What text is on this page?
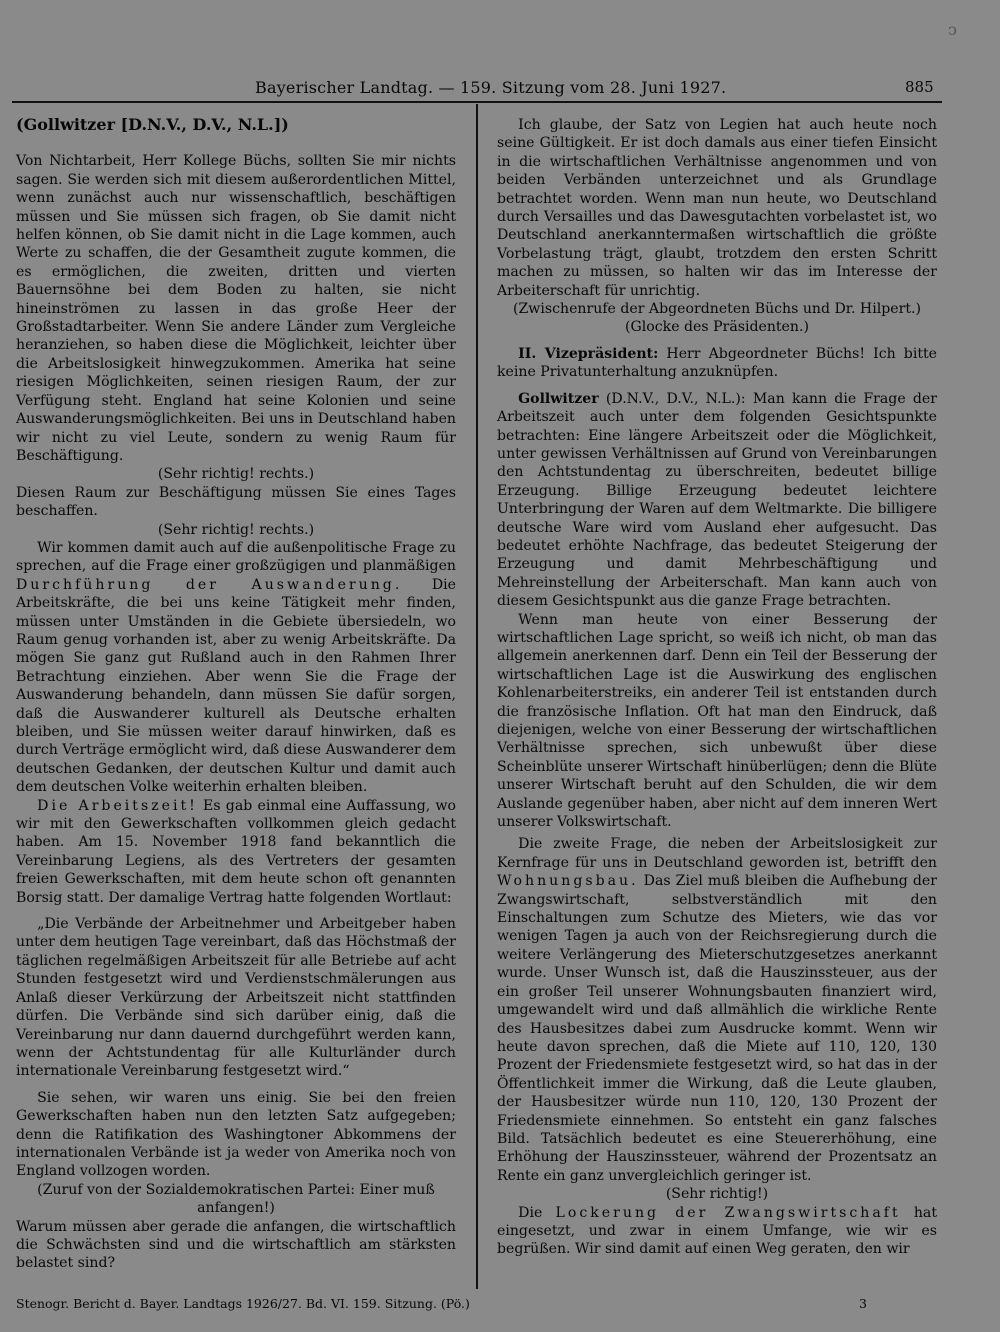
ↄ
Bayerischer Landtag. — 159. Sitzung vom 28. Juni 1927.	885

(Gollwitzer [D.N.V., D.V., N.L.])

Von Nichtarbeit, Herr Kollege Büchs, sollten Sie mir nichts sagen. Sie werden sich mit diesem außerordentlichen Mittel, wenn zunächst auch nur wissenschaftlich, beschäftigen müssen und Sie müssen sich fragen, ob Sie damit nicht helfen können, ob Sie damit nicht in die Lage kommen, auch Werte zu schaffen, die der Gesamtheit zugute kommen, die es ermöglichen, die zweiten, dritten und vierten Bauernsöhne bei dem Boden zu halten, sie nicht hineinströmen zu lassen in das große Heer der Großstadtarbeiter. Wenn Sie andere Länder zum Vergleiche heranziehen, so haben diese die Möglichkeit, leichter über die Arbeitslosigkeit hinwegzukommen. Amerika hat seine riesigen Möglichkeiten, seinen riesigen Raum, der zur Verfügung steht. England hat seine Kolonien und seine Auswanderungsmöglichkeiten. Bei uns in Deutschland haben wir nicht zu viel Leute, sondern zu wenig Raum für Beschäftigung.

(Sehr richtig! rechts.)

Diesen Raum zur Beschäftigung müssen Sie eines Tages beschaffen.

(Sehr richtig! rechts.)

Wir kommen damit auch auf die außenpolitische Frage zu sprechen, auf die Frage einer großzügigen und planmäßigen Durchführung der Auswanderung. Die Arbeitskräfte, die bei uns keine Tätigkeit mehr finden, müssen unter Umständen in die Gebiete übersiedeln, wo Raum genug vorhanden ist, aber zu wenig Arbeitskräfte. Da mögen Sie ganz gut Rußland auch in den Rahmen Ihrer Betrachtung einziehen. Aber wenn Sie die Frage der Auswanderung behandeln, dann müssen Sie dafür sorgen, daß die Auswanderer kulturell als Deutsche erhalten bleiben, und Sie müssen weiter darauf hinwirken, daß es durch Verträge ermöglicht wird, daß diese Auswanderer dem deutschen Gedanken, der deutschen Kultur und damit auch dem deutschen Volke weiterhin erhalten bleiben.

Die Arbeitszeit! Es gab einmal eine Auffassung, wo wir mit den Gewerkschaften vollkommen gleich gedacht haben. Am 15. November 1918 fand bekanntlich die Vereinbarung Legiens, als des Vertreters der gesamten freien Gewerkschaften, mit dem heute schon oft genannten Borsig statt. Der damalige Vertrag hatte folgenden Wortlaut:

„Die Verbände der Arbeitnehmer und Arbeitgeber haben unter dem heutigen Tage vereinbart, daß das Höchstmaß der täglichen regelmäßigen Arbeitszeit für alle Betriebe auf acht Stunden festgesetzt wird und Verdienstschmälerungen aus Anlaß dieser Verkürzung der Arbeitszeit nicht stattfinden dürfen. Die Verbände sind sich darüber einig, daß die Vereinbarung nur dann dauernd durchgeführt werden kann, wenn der Achtstundentag für alle Kulturländer durch internationale Vereinbarung festgesetzt wird.“

Sie sehen, wir waren uns einig. Sie bei den freien Gewerkschaften haben nun den letzten Satz aufgegeben; denn die Ratifikation des Washingtoner Abkommens der internationalen Verbände ist ja weder von Amerika noch von England vollzogen worden.

(Zuruf von der Sozialdemokratischen Partei: Einer muß anfangen!)

Warum müssen aber gerade die anfangen, die wirtschaftlich die Schwächsten sind und die wirtschaftlich am stärksten belastet sind?

Ich glaube, der Satz von Legien hat auch heute noch seine Gültigkeit. Er ist doch damals aus einer tiefen Einsicht in die wirtschaftlichen Verhältnisse angenommen und von beiden Verbänden unterzeichnet und als Grundlage betrachtet worden. Wenn man nun heute, wo Deutschland durch Versailles und das Dawesgutachten vorbelastet ist, wo Deutschland anerkanntermaßen wirtschaftlich die größte Vorbelastung trägt, glaubt, trotzdem den ersten Schritt machen zu müssen, so halten wir das im Interesse der Arbeiterschaft für unrichtig.

(Zwischenrufe der Abgeordneten Büchs und Dr. Hilpert.)

(Glocke des Präsidenten.)

II. Vizepräsident: Herr Abgeordneter Büchs! Ich bitte keine Privatunterhaltung anzuknüpfen.

Gollwitzer (D.N.V., D.V., N.L.): Man kann die Frage der Arbeitszeit auch unter dem folgenden Gesichtspunkte betrachten: Eine längere Arbeitszeit oder die Möglichkeit, unter gewissen Verhältnissen auf Grund von Vereinbarungen den Achtstundentag zu überschreiten, bedeutet billige Erzeugung. Billige Erzeugung bedeutet leichtere Unterbringung der Waren auf dem Weltmarkte. Die billigere deutsche Ware wird vom Ausland eher aufgesucht. Das bedeutet erhöhte Nachfrage, das bedeutet Steigerung der Erzeugung und damit Mehrbeschäftigung und Mehreinstellung der Arbeiterschaft. Man kann auch von diesem Gesichtspunkt aus die ganze Frage betrachten.

Wenn man heute von einer Besserung der wirtschaftlichen Lage spricht, so weiß ich nicht, ob man das allgemein anerkennen darf. Denn ein Teil der Besserung der wirtschaftlichen Lage ist die Auswirkung des englischen Kohlenarbeiterstreiks, ein anderer Teil ist entstanden durch die französische Inflation. Oft hat man den Eindruck, daß diejenigen, welche von einer Besserung der wirtschaftlichen Verhältnisse sprechen, sich unbewußt über diese Scheinblüte unserer Wirtschaft hinüberlügen; denn die Blüte unserer Wirtschaft beruht auf den Schulden, die wir dem Auslande gegenüber haben, aber nicht auf dem inneren Wert unserer Volkswirtschaft.

Die zweite Frage, die neben der Arbeitslosigkeit zur Kernfrage für uns in Deutschland geworden ist, betrifft den Wohnungsbau. Das Ziel muß bleiben die Aufhebung der Zwangswirtschaft, selbstverständlich mit den Einschaltungen zum Schutze des Mieters, wie das vor wenigen Tagen ja auch von der Reichsregierung durch die weitere Verlängerung des Mieterschutzgesetzes anerkannt wurde. Unser Wunsch ist, daß die Hauszinssteuer, aus der ein großer Teil unserer Wohnungsbauten finanziert wird, umgewandelt wird und daß allmählich die wirkliche Rente des Hausbesitzes dabei zum Ausdrucke kommt. Wenn wir heute davon sprechen, daß die Miete auf 110, 120, 130 Prozent der Friedensmiete festgesetzt wird, so hat das in der Öffentlichkeit immer die Wirkung, daß die Leute glauben, der Hausbesitzer würde nun 110, 120, 130 Prozent der Friedensmiete einnehmen. So entsteht ein ganz falsches Bild. Tatsächlich bedeutet es eine Steuererhöhung, eine Erhöhung der Hauszinssteuer, während der Prozentsatz an Rente ein ganz unvergleichlich geringer ist.

(Sehr richtig!)

Die Lockerung der Zwangswirtschaft hat eingesetzt, und zwar in einem Umfange, wie wir es begrüßen. Wir sind damit auf einen Weg geraten, den wir

Stenogr. Bericht d. Bayer. Landtags 1926/27. Bd. VI. 159. Sitzung. (Pö.)	3
